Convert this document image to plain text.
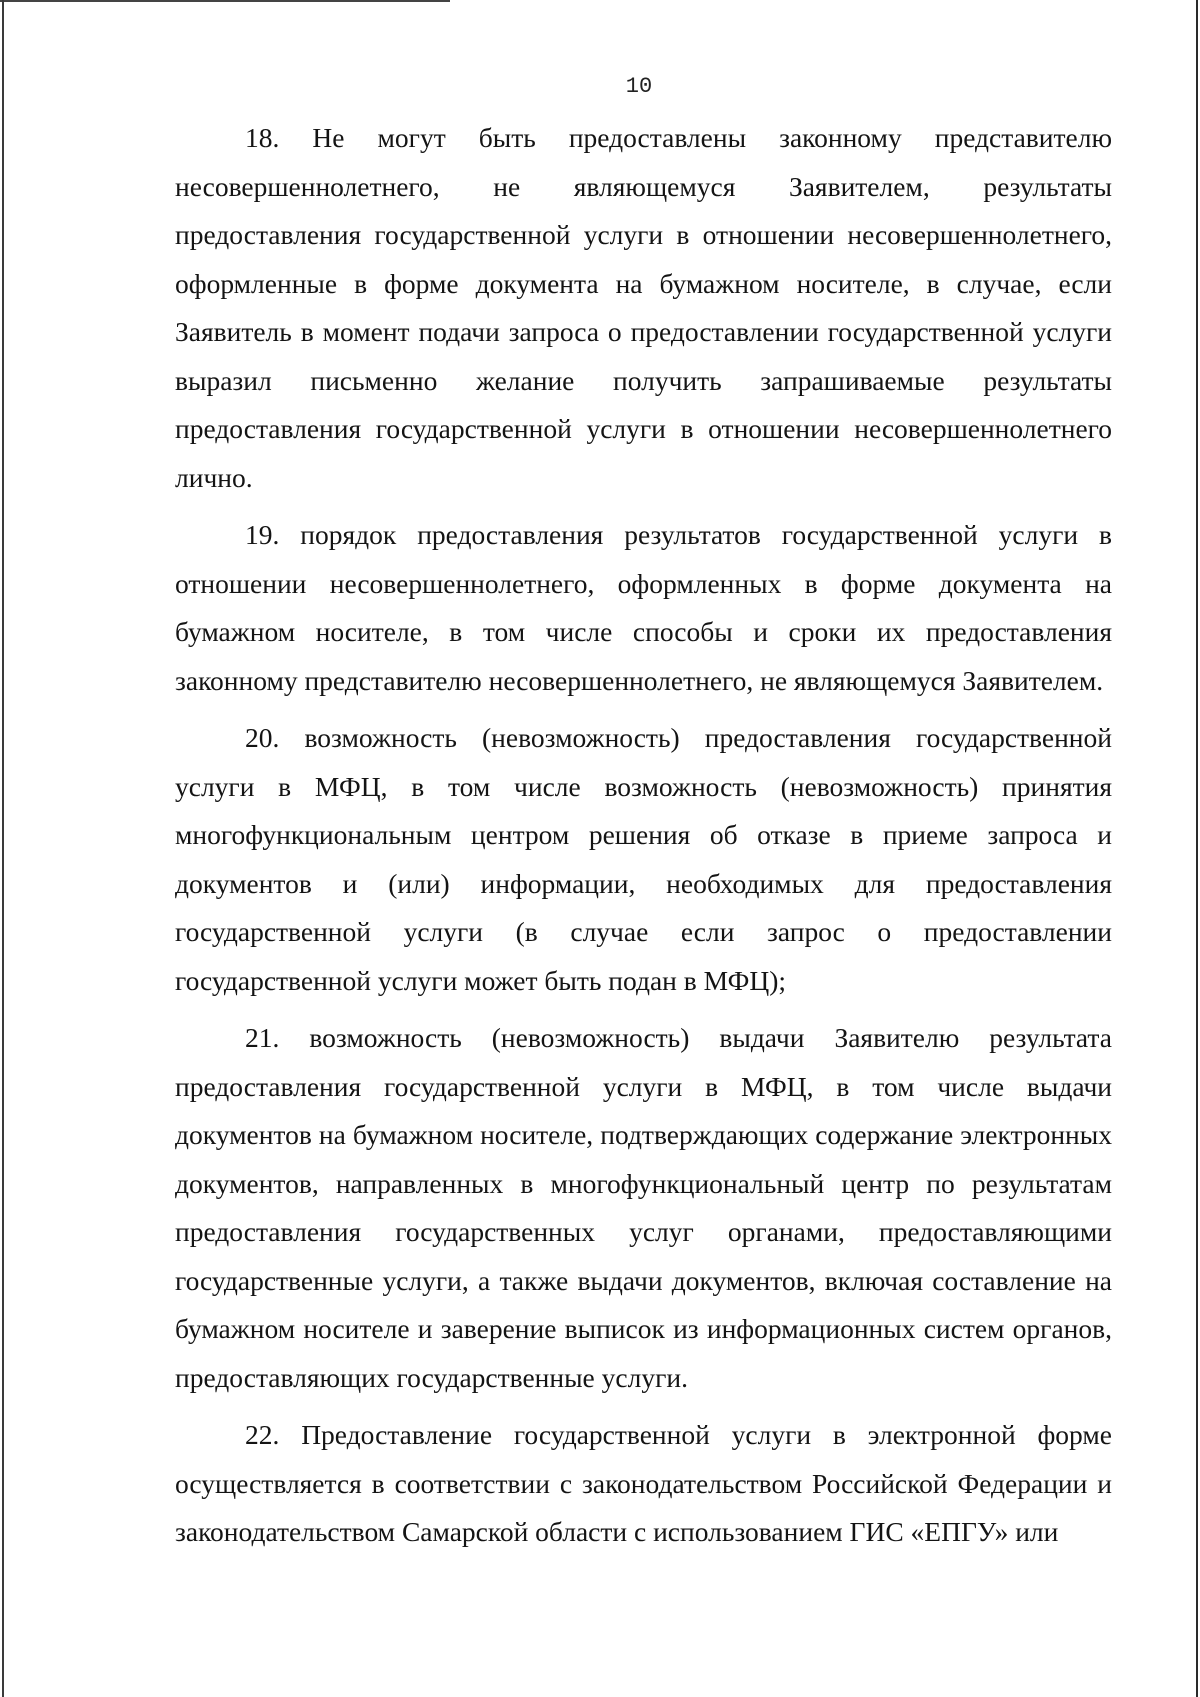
10

18. Не могут быть предоставлены законному представителю несовершеннолетнего, не являющемуся Заявителем, результаты предоставления государственной услуги в отношении несовершеннолетнего, оформленные в форме документа на бумажном носителе, в случае, если Заявитель в момент подачи запроса о предоставлении государственной услуги выразил письменно желание получить запрашиваемые результаты предоставления государственной услуги в отношении несовершеннолетнего лично.

19. порядок предоставления результатов государственной услуги в отношении несовершеннолетнего, оформленных в форме документа на бумажном носителе, в том числе способы и сроки их предоставления законному представителю несовершеннолетнего, не являющемуся Заявителем.

20. возможность (невозможность) предоставления государственной услуги в МФЦ, в том числе возможность (невозможность) принятия многофункциональным центром решения об отказе в приеме запроса и документов и (или) информации, необходимых для предоставления государственной услуги (в случае если запрос о предоставлении государственной услуги может быть подан в МФЦ);

21. возможность (невозможность) выдачи Заявителю результата предоставления государственной услуги в МФЦ, в том числе выдачи документов на бумажном носителе, подтверждающих содержание электронных документов, направленных в многофункциональный центр по результатам предоставления государственных услуг органами, предоставляющими государственные услуги, а также выдачи документов, включая составление на бумажном носителе и заверение выписок из информационных систем органов, предоставляющих государственные услуги.

22. Предоставление государственной услуги в электронной форме осуществляется в соответствии с законодательством Российской Федерации и законодательством Самарской области с использованием ГИС «ЕПГУ» или
